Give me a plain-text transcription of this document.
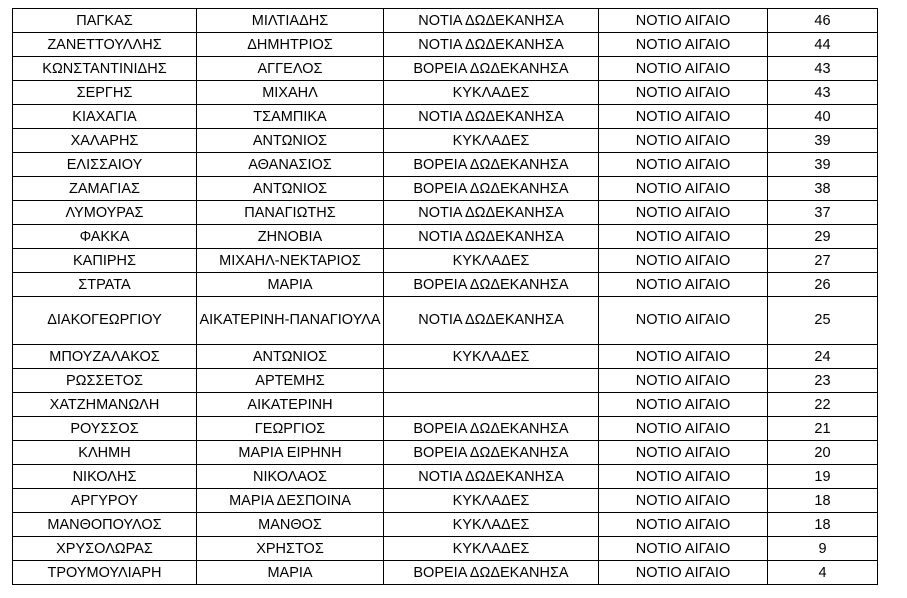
ΠΑΓΚΑΣ	ΜΙΛΤΙΑΔΗΣ	ΝΟΤΙΑ ΔΩΔΕΚΑΝΗΣΑ	ΝΟΤΙΟ ΑΙΓΑΙΟ	46
ΖΑΝΕΤΤΟΥΛΛΗΣ	ΔΗΜΗΤΡΙΟΣ	ΝΟΤΙΑ ΔΩΔΕΚΑΝΗΣΑ	ΝΟΤΙΟ ΑΙΓΑΙΟ	44
ΚΩΝΣΤΑΝΤΙΝΙΔΗΣ	ΑΓΓΕΛΟΣ	ΒΟΡΕΙΑ ΔΩΔΕΚΑΝΗΣΑ	ΝΟΤΙΟ ΑΙΓΑΙΟ	43
ΣΕΡΓΗΣ	ΜΙΧΑΗΛ	ΚΥΚΛΑΔΕΣ	ΝΟΤΙΟ ΑΙΓΑΙΟ	43
ΚΙΑΧΑΓΙΑ	ΤΣΑΜΠΙΚΑ	ΝΟΤΙΑ ΔΩΔΕΚΑΝΗΣΑ	ΝΟΤΙΟ ΑΙΓΑΙΟ	40
ΧΑΛΑΡΗΣ	ΑΝΤΩΝΙΟΣ	ΚΥΚΛΑΔΕΣ	ΝΟΤΙΟ ΑΙΓΑΙΟ	39
ΕΛΙΣΣΑΙΟΥ	ΑΘΑΝΑΣΙΟΣ	ΒΟΡΕΙΑ ΔΩΔΕΚΑΝΗΣΑ	ΝΟΤΙΟ ΑΙΓΑΙΟ	39
ΖΑΜΑΓΙΑΣ	ΑΝΤΩΝΙΟΣ	ΒΟΡΕΙΑ ΔΩΔΕΚΑΝΗΣΑ	ΝΟΤΙΟ ΑΙΓΑΙΟ	38
ΛΥΜΟΥΡΑΣ	ΠΑΝΑΓΙΩΤΗΣ	ΝΟΤΙΑ ΔΩΔΕΚΑΝΗΣΑ	ΝΟΤΙΟ ΑΙΓΑΙΟ	37
ΦΑΚΚΑ	ΖΗΝΟΒΙΑ	ΝΟΤΙΑ ΔΩΔΕΚΑΝΗΣΑ	ΝΟΤΙΟ ΑΙΓΑΙΟ	29
ΚΑΠΙΡΗΣ	ΜΙΧΑΗΛ-ΝΕΚΤΑΡΙΟΣ	ΚΥΚΛΑΔΕΣ	ΝΟΤΙΟ ΑΙΓΑΙΟ	27
ΣΤΡΑΤΑ	ΜΑΡΙΑ	ΒΟΡΕΙΑ ΔΩΔΕΚΑΝΗΣΑ	ΝΟΤΙΟ ΑΙΓΑΙΟ	26
ΔΙΑΚΟΓΕΩΡΓΙΟΥ	ΑΙΚΑΤΕΡΙΝΗ-ΠΑΝΑΓΙΟΥΛΑ	ΝΟΤΙΑ ΔΩΔΕΚΑΝΗΣΑ	ΝΟΤΙΟ ΑΙΓΑΙΟ	25
ΜΠΟΥΖΑΛΑΚΟΣ	ΑΝΤΩΝΙΟΣ	ΚΥΚΛΑΔΕΣ	ΝΟΤΙΟ ΑΙΓΑΙΟ	24
ΡΩΣΣΕΤΟΣ	ΑΡΤΕΜΗΣ		ΝΟΤΙΟ ΑΙΓΑΙΟ	23
ΧΑΤΖΗΜΑΝΩΛΗ	ΑΙΚΑΤΕΡΙΝΗ		ΝΟΤΙΟ ΑΙΓΑΙΟ	22
ΡΟΥΣΣΟΣ	ΓΕΩΡΓΙΟΣ	ΒΟΡΕΙΑ ΔΩΔΕΚΑΝΗΣΑ	ΝΟΤΙΟ ΑΙΓΑΙΟ	21
ΚΛΗΜΗ	ΜΑΡΙΑ ΕΙΡΗΝΗ	ΒΟΡΕΙΑ ΔΩΔΕΚΑΝΗΣΑ	ΝΟΤΙΟ ΑΙΓΑΙΟ	20
ΝΙΚΟΛΗΣ	ΝΙΚΟΛΑΟΣ	ΝΟΤΙΑ ΔΩΔΕΚΑΝΗΣΑ	ΝΟΤΙΟ ΑΙΓΑΙΟ	19
ΑΡΓΥΡΟΥ	ΜΑΡΙΑ ΔΕΣΠΟΙΝΑ	ΚΥΚΛΑΔΕΣ	ΝΟΤΙΟ ΑΙΓΑΙΟ	18
ΜΑΝΘΟΠΟΥΛΟΣ	ΜΑΝΘΟΣ	ΚΥΚΛΑΔΕΣ	ΝΟΤΙΟ ΑΙΓΑΙΟ	18
ΧΡΥΣΟΛΩΡΑΣ	ΧΡΗΣΤΟΣ	ΚΥΚΛΑΔΕΣ	ΝΟΤΙΟ ΑΙΓΑΙΟ	9
ΤΡΟΥΜΟΥΛΙΑΡΗ	ΜΑΡΙΑ	ΒΟΡΕΙΑ ΔΩΔΕΚΑΝΗΣΑ	ΝΟΤΙΟ ΑΙΓΑΙΟ	4
